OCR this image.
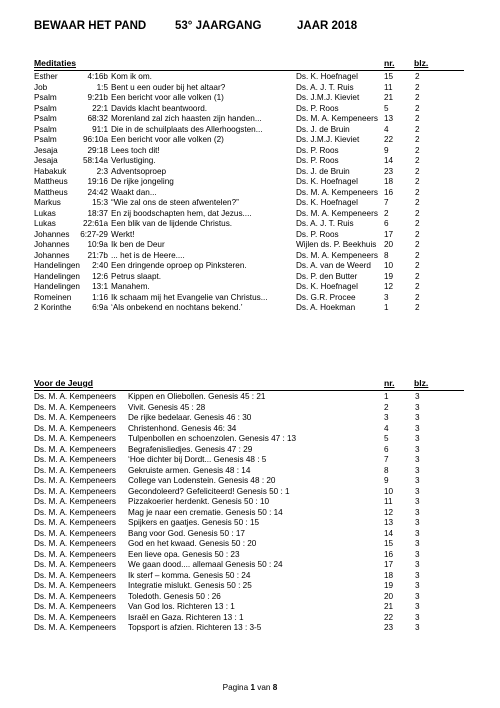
BEWAAR HET PAND	53° JAARGANG	JAAR 2018
Meditaties	nr. blz.
Esther	4:16b Kom ik om.	Ds. K. Hoefnagel	15	2
Job	1:5 Bent u een ouder bij het altaar?	Ds. A. J. T. Ruis	11	2
Psalm	9:21b Een bericht voor alle volken (1)	Ds. J.M.J. Kieviet	21	2
Psalm	22:1 Davids klacht beantwoord.	Ds. P. Roos	5	2
Psalm	68:32 Morenland zal zich haasten zijn handen...	Ds. M. A. Kempeneers 13	2
Psalm	91:1 Die in de schuilplaats des Allerhoogsten...	Ds. J. de Bruin	4	2
Psalm	96:10a Een bericht voor alle volken (2)	Ds. J.M.J. Kieviet	22	2
Jesaja	29:18 Lees toch dit!	Ds. P. Roos	9	2
Jesaja	58:14a Verlustiging.	Ds. P. Roos	14	2
Habakuk	2:3 Adventsoproep	Ds. J. de Bruin	23	2
Mattheus	19:16 De rijke jongeling	Ds. K. Hoefnagel	18	2
Mattheus	24:42 Waakt dan...	Ds. M. A. Kempeneers 16	2
Markus	15:3 “Wie zal ons de steen afwentelen?”	Ds. K. Hoefnagel	7	2
Lukas	18:37 En zij boodschapten hem, dat Jezus....	Ds. M. A. Kempeneers 2	2
Lukas	22:61a Een blik van de lijdende Christus.	Ds. A. J. T. Ruis	6	2
Johannes	6:27-29 Werkt!	Ds. P. Roos	17	2
Johannes	10:9a Ik ben de Deur	Wijlen ds. P. Beekhuis 20	2
Johannes	21:7b ... het is de Heere....	Ds. M. A. Kempeneers 8	2
Handelingen	2:40 Een dringende oproep op Pinksteren.	Ds. A. van de Weerd	10	2
Handelingen	12:6 Petrus slaapt.	Ds. P. den Butter	19	2
Handelingen	13:1 Manahem.	Ds. K. Hoefnagel	12	2
Romeinen	1:16 Ik schaam mij het Evangelie van Christus...	Ds. G.R. Procee	3	2
2 Korinthe	6:9a ‘Als onbekend en nochtans bekend.’	Ds. A. Hoekman	1	2
Voor de Jeugd	nr. blz.
Ds. M. A. Kempeneers	Kippen en Oliebollen. Genesis 45 : 21	1	3
Ds. M. A. Kempeneers	Vivit. Genesis 45 : 28	2	3
Ds. M. A. Kempeneers	De rijke bedelaar. Genesis 46 : 30	3	3
Ds. M. A. Kempeneers	Christenhond. Genesis 46: 34	4	3
Ds. M. A. Kempeneers	Tulpenbollen en schoenzolen. Genesis 47 : 13	5	3
Ds. M. A. Kempeneers	Begrafenisliedjes. Genesis 47 : 29	6	3
Ds. M. A. Kempeneers	‘Hoe dichter bij Dordt... Genesis 48 : 5	7	3
Ds. M. A. Kempeneers	Gekruiste armen. Genesis 48 : 14	8	3
Ds. M. A. Kempeneers	College van Lodenstein. Genesis 48 : 20	9	3
Ds. M. A. Kempeneers	Gecondoleerd? Gefeliciteerd! Genesis 50 : 1	10	3
Ds. M. A. Kempeneers	Pizzakoerier herdenkt. Genesis 50 : 10	11	3
Ds. M. A. Kempeneers	Mag je naar een crematie. Genesis 50 : 14	12	3
Ds. M. A. Kempeneers	Spijkers en gaatjes. Genesis 50 : 15	13	3
Ds. M. A. Kempeneers	Bang voor God. Genesis 50 : 17	14	3
Ds. M. A. Kempeneers	God en het kwaad. Genesis 50 : 20	15	3
Ds. M. A. Kempeneers	Een lieve opa. Genesis 50 : 23	16	3
Ds. M. A. Kempeneers	We gaan dood.... allemaal Genesis 50 : 24	17	3
Ds. M. A. Kempeneers	Ik sterf – komma. Genesis 50 : 24	18	3
Ds. M. A. Kempeneers	Integratie mislukt. Genesis 50 : 25	19	3
Ds. M. A. Kempeneers	Toledoth. Genesis 50 : 26	20	3
Ds. M. A. Kempeneers	Van God los. Richteren 13 : 1	21	3
Ds. M. A. Kempeneers	Israël en Gaza. Richteren 13 : 1	22	3
Ds. M. A. Kempeneers	Topsport is afzien. Richteren 13 : 3-5	23	3
Pagina 1 van 8
